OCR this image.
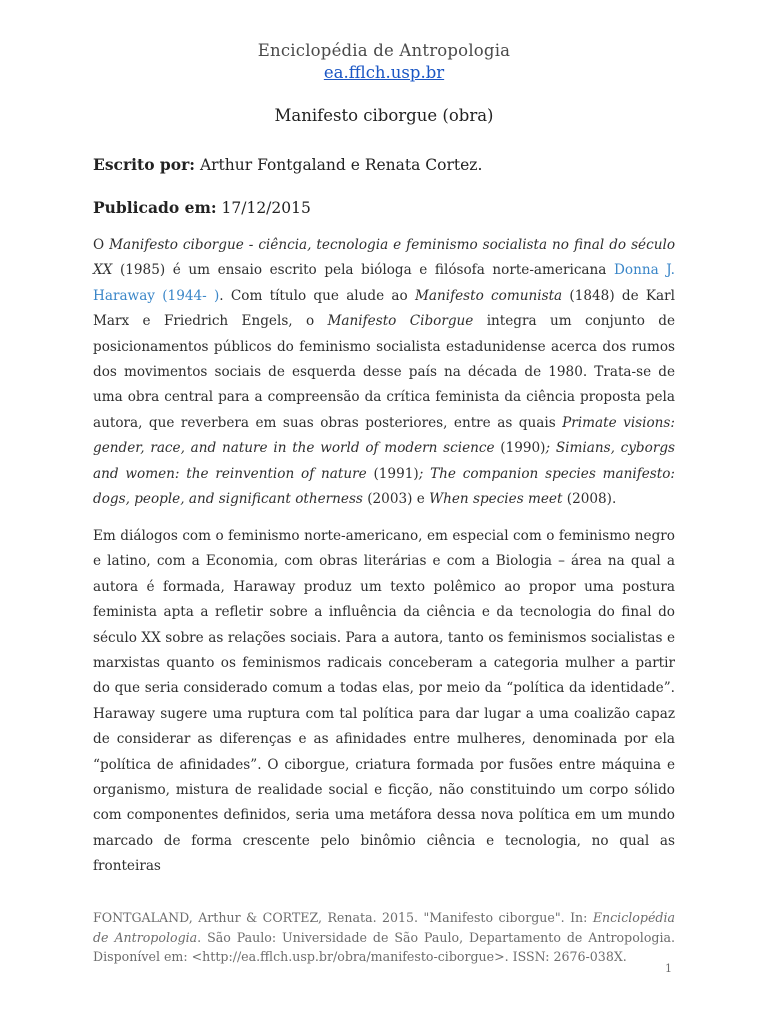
Enciclopédia de Antropologia
ea.fflch.usp.br
Manifesto ciborgue (obra)
Escrito por: Arthur Fontgaland e Renata Cortez.
Publicado em: 17/12/2015

O Manifesto ciborgue - ciência, tecnologia e feminismo socialista no final do século XX (1985) é um ensaio escrito pela bióloga e filósofa norte-americana Donna J. Haraway (1944- ). Com título que alude ao Manifesto comunista (1848) de Karl Marx e Friedrich Engels, o Manifesto Ciborgue integra um conjunto de posicionamentos públicos do feminismo socialista estadunidense acerca dos rumos dos movimentos sociais de esquerda desse país na década de 1980. Trata-se de uma obra central para a compreensão da crítica feminista da ciência proposta pela autora, que reverbera em suas obras posteriores, entre as quais Primate visions: gender, race, and nature in the world of modern science (1990); Simians, cyborgs and women: the reinvention of nature (1991); The companion species manifesto: dogs, people, and significant otherness (2003) e When species meet (2008).

Em diálogos com o feminismo norte-americano, em especial com o feminismo negro e latino, com a Economia, com obras literárias e com a Biologia – área na qual a autora é formada, Haraway produz um texto polêmico ao propor uma postura feminista apta a refletir sobre a influência da ciência e da tecnologia do final do século XX sobre as relações sociais. Para a autora, tanto os feminismos socialistas e marxistas quanto os feminismos radicais conceberam a categoria mulher a partir do que seria considerado comum a todas elas, por meio da “política da identidade”. Haraway sugere uma ruptura com tal política para dar lugar a uma coalizão capaz de considerar as diferenças e as afinidades entre mulheres, denominada por ela “política de afinidades”. O ciborgue, criatura formada por fusões entre máquina e organismo, mistura de realidade social e ficção, não constituindo um corpo sólido com componentes definidos, seria uma metáfora dessa nova política em um mundo marcado de forma crescente pelo binômio ciência e tecnologia, no qual as fronteiras

FONTGALAND, Arthur & CORTEZ, Renata. 2015. "Manifesto ciborgue". In: Enciclopédia de Antropologia. São Paulo: Universidade de São Paulo, Departamento de Antropologia. Disponível em: <http://ea.fflch.usp.br/obra/manifesto-ciborgue>. ISSN: 2676-038X.

1
